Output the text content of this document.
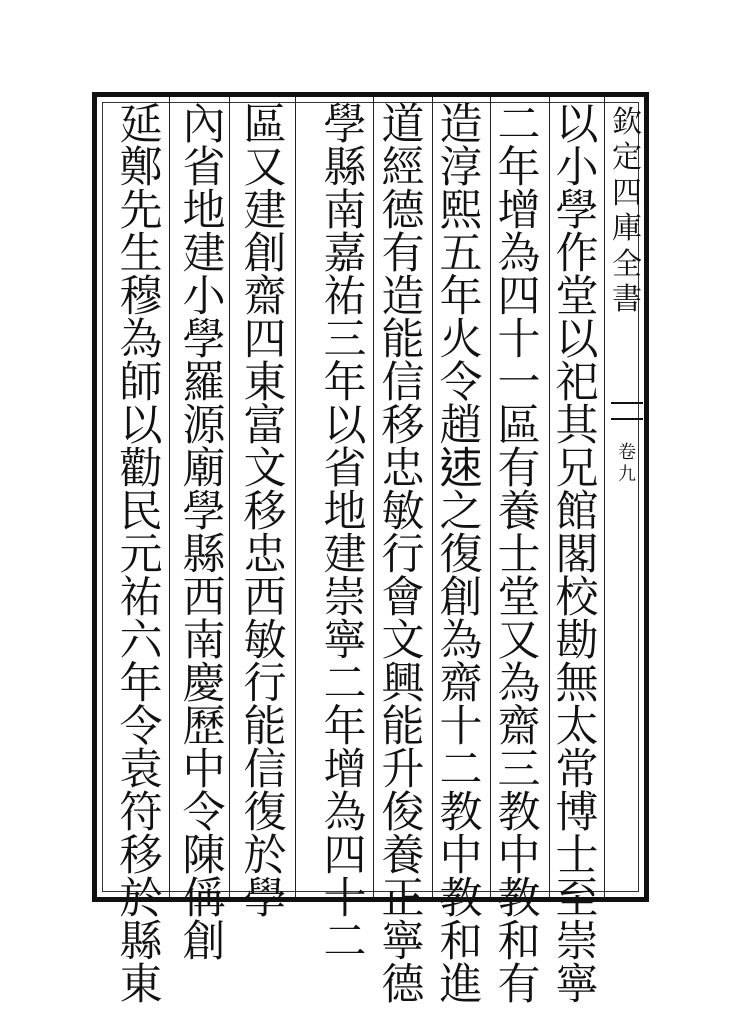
欽
定
四
庫
全
書
卷
九
以
小
學
作
堂
以
祀
其
兄
館
閣
校
勘
無
太
常
博
士
至
崇
寧
二
年
增
為
四
十
一
區
有
養
士
堂
又
為
齋
三
教
中
教
和
有
造
淳
熙
五
年
火
令
趙
𨒪
之
復
創
為
齋
十
二
教
中
教
和
進
道
經
德
有
造
能
信
移
忠
敏
行
會
文
興
能
升
俊
養
正
寧
德
學
縣
南
嘉
祐
三
年
以
省
地
建
崇
寧
二
年
增
為
四
十
二
區
又
建
創
齋
四
東
富
文
移
忠
西
敏
行
能
信
復
於
學
內
省
地
建
小
學
羅
源
廟
學
縣
西
南
慶
歷
中
令
陳
偁
創
延
鄭
先
生
穆
為
師
以
勸
民
元
祐
六
年
令
袁
符
移
於
縣
東
